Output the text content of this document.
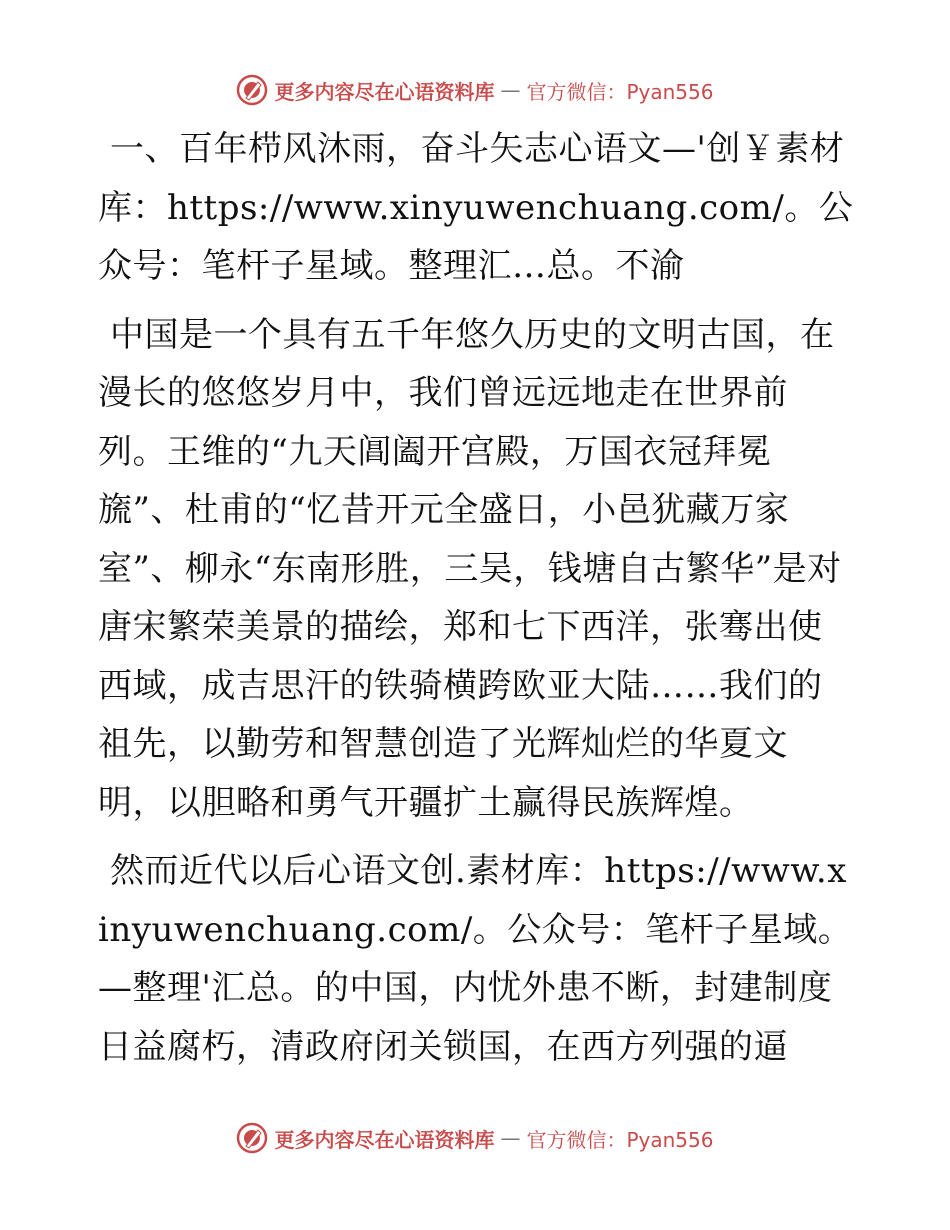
更多内容尽在心语资料库 — 官方微信：Pyan556

一、百年栉风沐雨，奋斗矢志心语文—'创￥素材库：https://www.xinyuwenchuang.com/。公众号：笔杆子星域。整理汇…总。不渝

中国是一个具有五千年悠久历史的文明古国，在漫长的悠悠岁月中，我们曾远远地走在世界前列。王维的“九天阊阖开宫殿，万国衣冠拜冕旒”、杜甫的“忆昔开元全盛日，小邑犹藏万家室”、柳永“东南形胜，三吴，钱塘自古繁华”是对唐宋繁荣美景的描绘，郑和七下西洋，张骞出使西域，成吉思汗的铁骑横跨欧亚大陆……我们的祖先，以勤劳和智慧创造了光辉灿烂的华夏文明，以胆略和勇气开疆扩土赢得民族辉煌。

然而近代以后心语文创.素材库：https://www.xinyuwenchuang.com/。公众号：笔杆子星域。—整理'汇总。的中国，内忧外患不断，封建制度日益腐朽，清政府闭关锁国，在西方列强的逼

更多内容尽在心语资料库 — 官方微信：Pyan556
